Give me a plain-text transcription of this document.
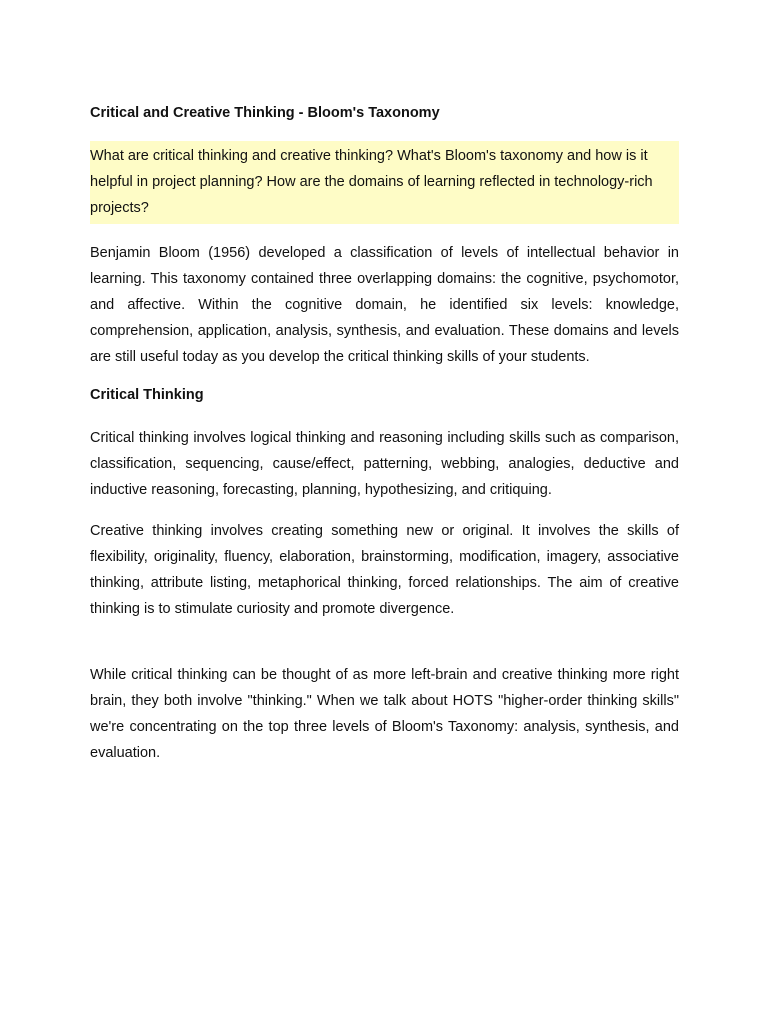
Critical and Creative Thinking - Bloom's Taxonomy
What are critical thinking and creative thinking? What's Bloom's taxonomy and how is it helpful in project planning? How are the domains of learning reflected in technology-rich projects?

Benjamin Bloom (1956) developed a classification of levels of intellectual behavior in learning. This taxonomy contained three overlapping domains: the cognitive, psychomotor, and affective. Within the cognitive domain, he identified six levels: knowledge, comprehension, application, analysis, synthesis, and evaluation. These domains and levels are still useful today as you develop the critical thinking skills of your students.

Critical Thinking

Critical thinking involves logical thinking and reasoning including skills such as comparison, classification, sequencing, cause/effect, patterning, webbing, analogies, deductive and inductive reasoning, forecasting, planning, hypothesizing, and critiquing.

Creative thinking involves creating something new or original. It involves the skills of flexibility, originality, fluency, elaboration, brainstorming, modification, imagery, associative thinking, attribute listing, metaphorical thinking, forced relationships. The aim of creative thinking is to stimulate curiosity and promote divergence.

While critical thinking can be thought of as more left-brain and creative thinking more right brain, they both involve "thinking." When we talk about HOTS "higher-order thinking skills" we're concentrating on the top three levels of Bloom's Taxonomy: analysis, synthesis, and evaluation.
